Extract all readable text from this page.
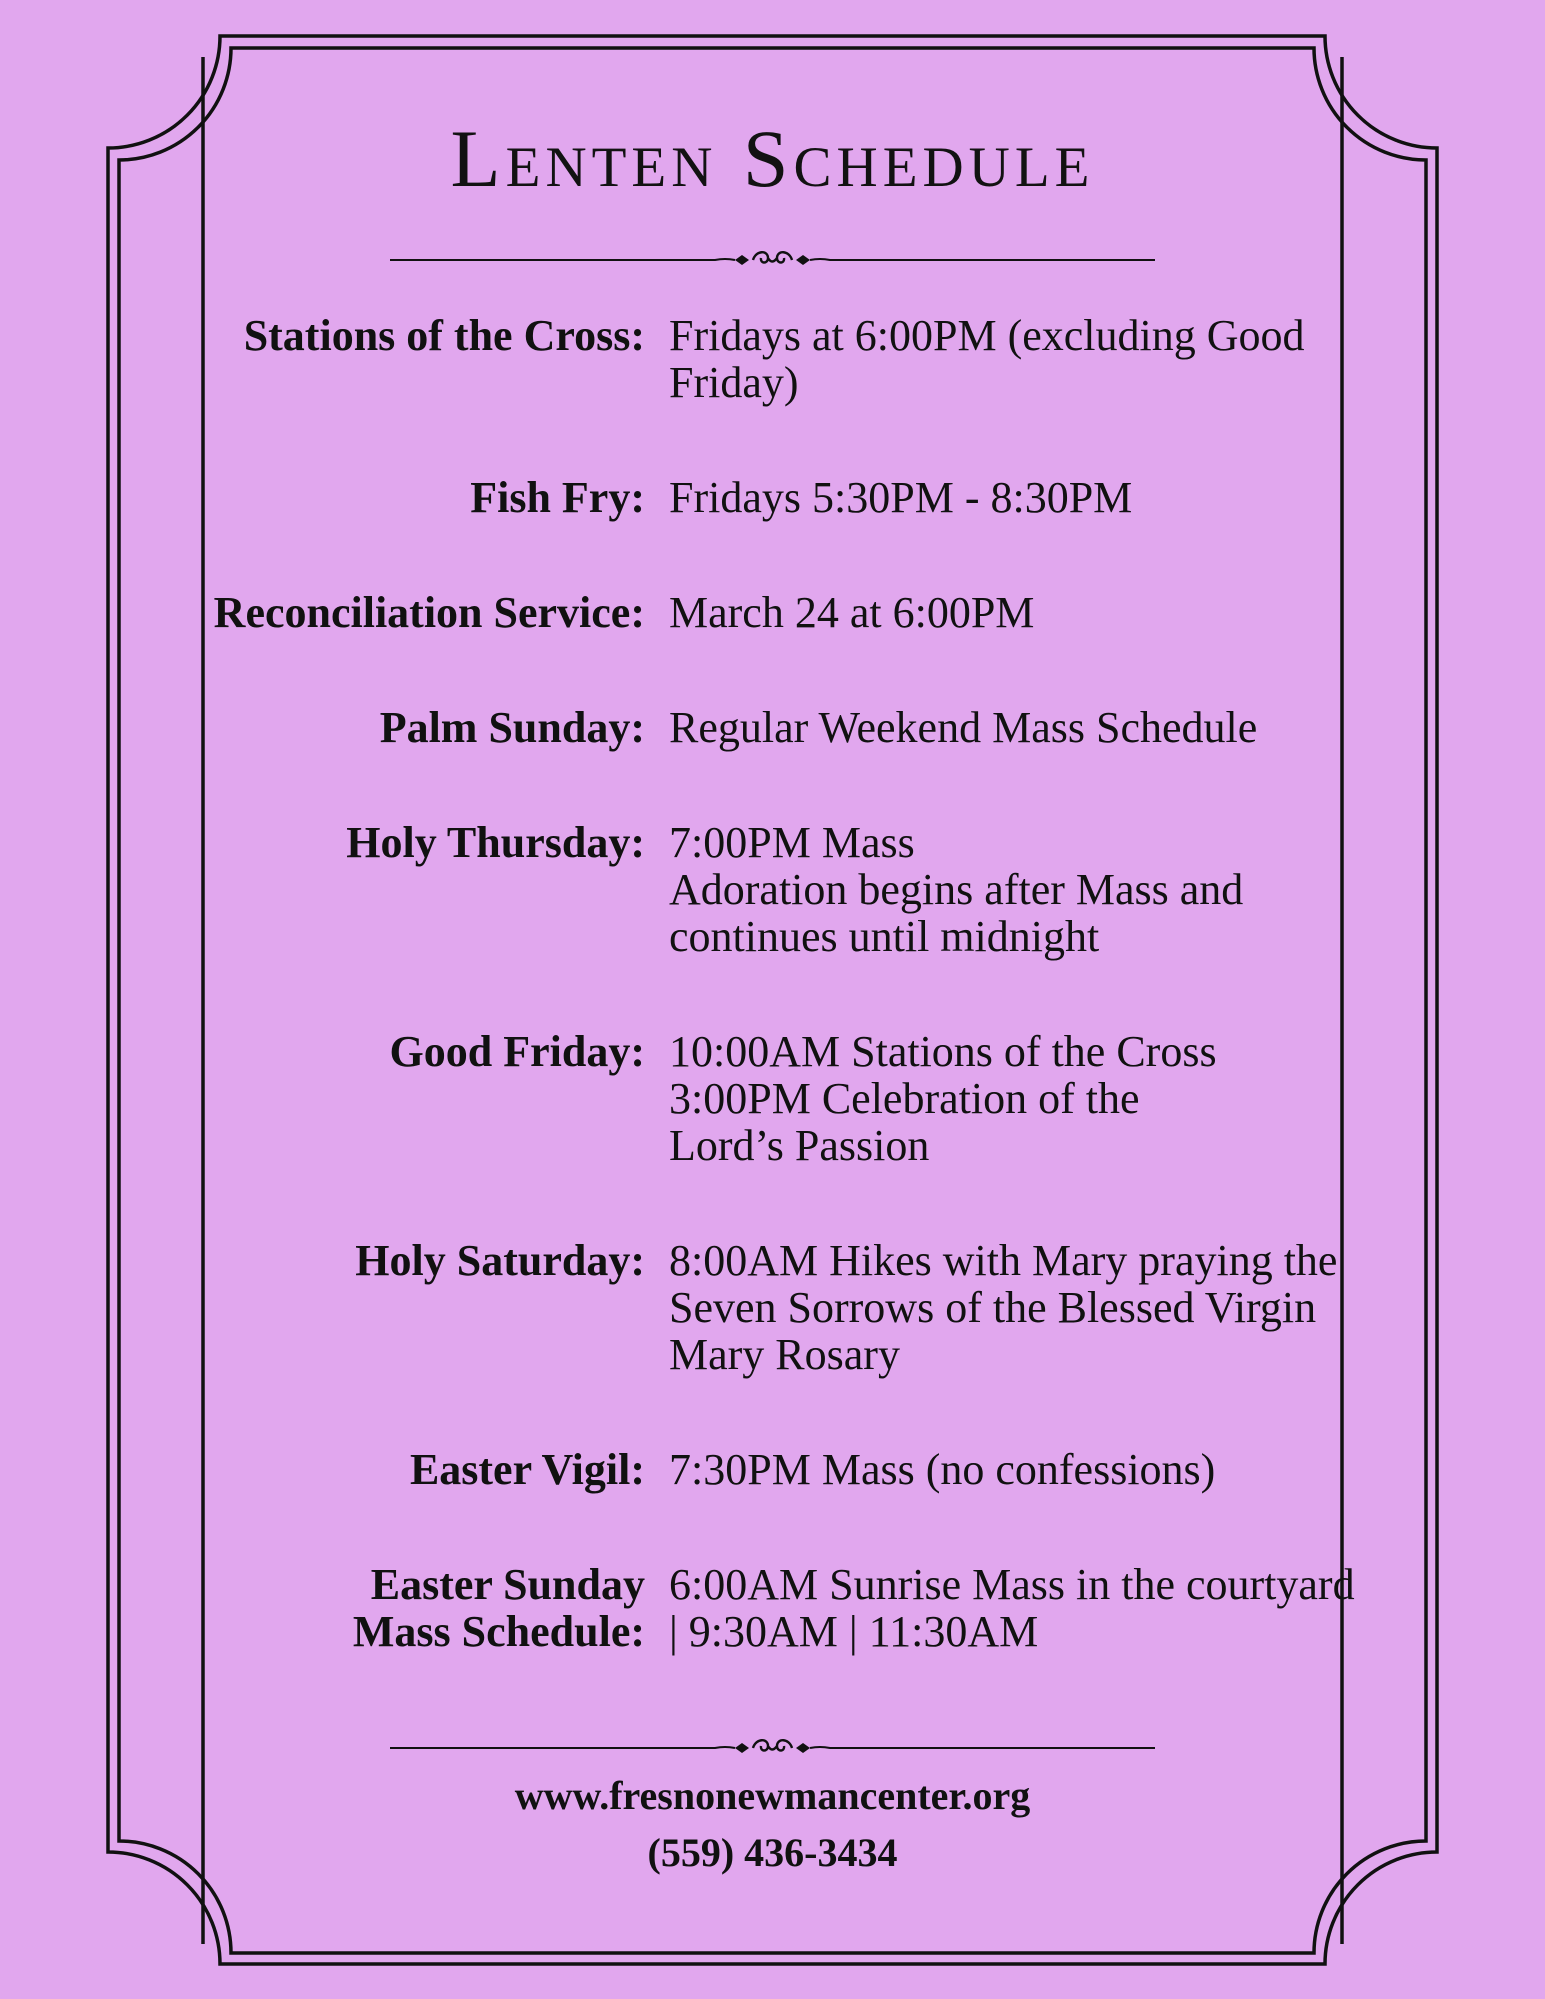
Lenten Schedule
Stations of the Cross: Fridays at 6:00PM (excluding Good
Friday)
Fish Fry: Fridays 5:30PM - 8:30PM
Reconciliation Service: March 24 at 6:00PM
Palm Sunday: Regular Weekend Mass Schedule
Holy Thursday: 7:00PM Mass
Adoration begins after Mass and
continues until midnight
Good Friday: 10:00AM Stations of the Cross
3:00PM Celebration of the
Lord’s Passion
Holy Saturday: 8:00AM Hikes with Mary praying the
Seven Sorrows of the Blessed Virgin
Mary Rosary
Easter Vigil: 7:30PM Mass (no confessions)
Easter Sunday
Mass Schedule:
6:00AM Sunrise Mass in the courtyard
| 9:30AM | 11:30AM
www.fresnonewmancenter.org
(559) 436-3434
